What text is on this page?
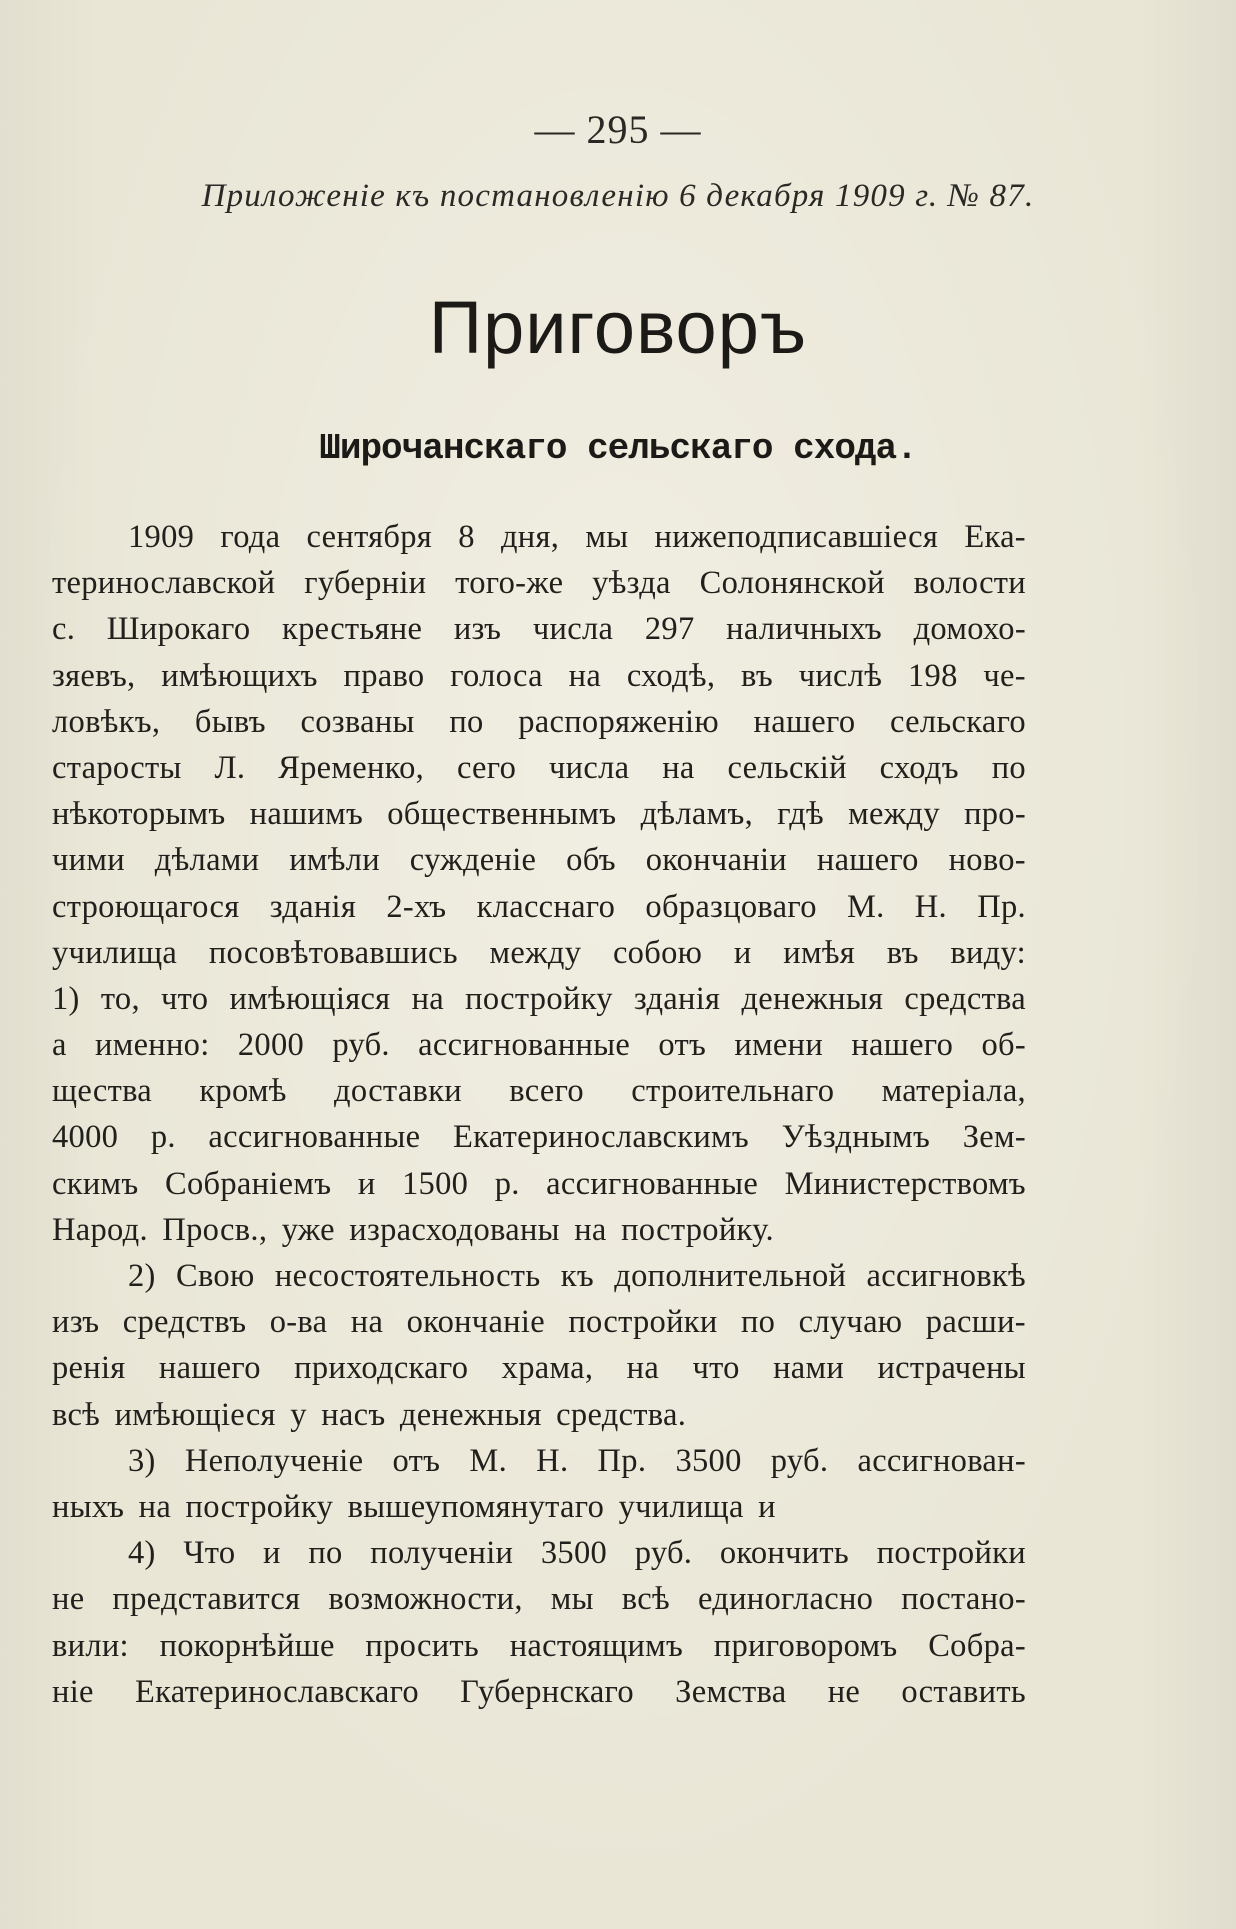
— 295 —
Приложеніе къ постановленію 6 декабря 1909 г. № 87.
Приговоръ
Широчанскаго сельскаго схода.
1909 года сентября 8 дня, мы нижеподписавшіеся Ека-
теринославской губерніи того-же уѣзда Солонянской волости
с. Широкаго крестьяне изъ числа 297 наличныхъ домохо-
зяевъ, имѣющихъ право голоса на сходѣ, въ числѣ 198 че-
ловѣкъ, бывъ созваны по распоряженію нашего сельскаго
старосты Л. Яременко, сего числа на сельскій сходъ по
нѣкоторымъ нашимъ общественнымъ дѣламъ, гдѣ между про-
чими дѣлами имѣли сужденіе объ окончаніи нашего ново-
строющагося зданія 2-хъ класснаго образцоваго М. Н. Пр.
училища посовѣтовавшись между собою и имѣя въ виду:
1) то, что имѣющіяся на постройку зданія денежныя средства
а именно: 2000 руб. ассигнованные отъ имени нашего об-
щества кромѣ доставки всего строительнаго матеріала,
4000 р. ассигнованные Екатеринославскимъ Уѣзднымъ Зем-
скимъ Собраніемъ и 1500 р. ассигнованные Министерствомъ
Народ. Просв., уже израсходованы на постройку.
2) Свою несостоятельность къ дополнительной ассигновкѣ
изъ средствъ о-ва на окончаніе постройки по случаю расши-
ренія нашего приходскаго храма, на что нами истрачены
всѣ имѣющіеся у насъ денежныя средства.
3) Неполученіе отъ М. Н. Пр. 3500 руб. ассигнован-
ныхъ на постройку вышеупомянутаго училища и
4) Что и по полученіи 3500 руб. окончить постройки
не представится возможности, мы всѣ единогласно постано-
вили: покорнѣйше просить настоящимъ приговоромъ Собра-
ніе Екатеринославскаго Губернскаго Земства не оставить
